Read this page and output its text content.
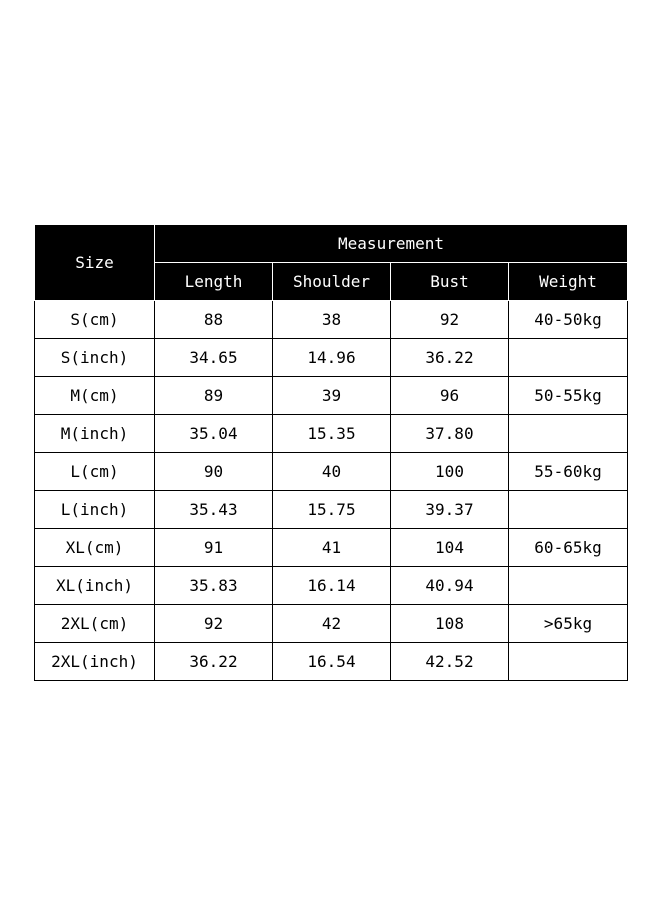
Size	Measurement			
	Length	Shoulder	Bust	Weight
S(cm)	88	38	92	40-50kg
S(inch)	34.65	14.96	36.22	
M(cm)	89	39	96	50-55kg
M(inch)	35.04	15.35	37.80	
L(cm)	90	40	100	55-60kg
L(inch)	35.43	15.75	39.37	
XL(cm)	91	41	104	60-65kg
XL(inch)	35.83	16.14	40.94	
2XL(cm)	92	42	108	>65kg
2XL(inch)	36.22	16.54	42.52	
